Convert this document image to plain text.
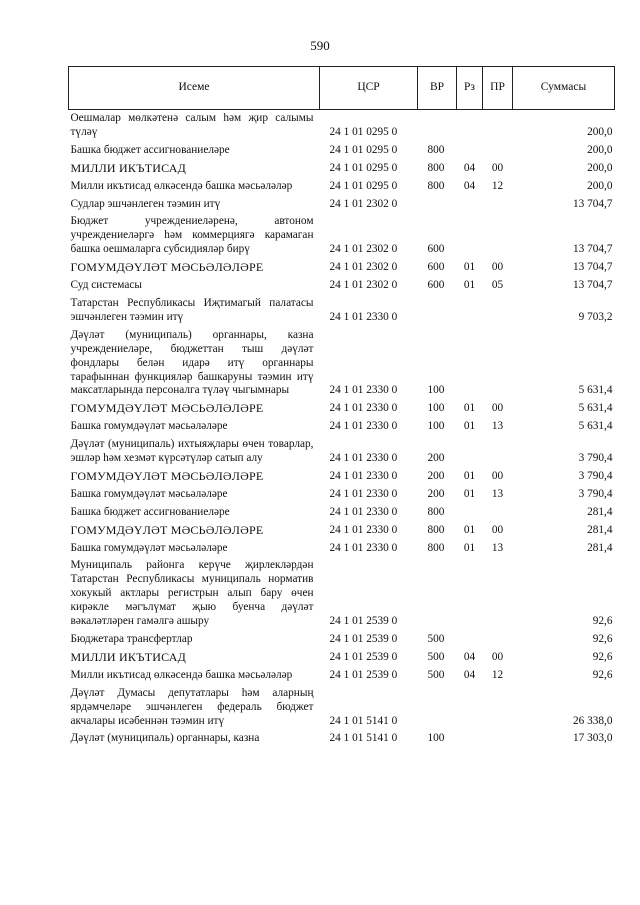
590
Исеме	ЦСР	ВР	Рз	ПР	Суммасы
Оешмалар мөлкәтенә салым һәм җир салымы түләү	24 1 01 0295 0				200,0
Башка бюджет ассигнованиеләре	24 1 01 0295 0	800			200,0
МИЛЛИ ИКЪТИСАД	24 1 01 0295 0	800	04	00	200,0
Милли икътисад өлкәсендә башка мәсьәләләр	24 1 01 0295 0	800	04	12	200,0
Судлар эшчәнлеген тәэмин итү	24 1 01 2302 0				13 704,7
Бюджет учреждениеләренә, автоном учреждениеләргә һәм коммерциягә карамаган башка оешмаларга субсидияләр бирү	24 1 01 2302 0	600			13 704,7
ГОМУМДӘҮЛӘТ МӘСЬӘЛӘЛӘРЕ	24 1 01 2302 0	600	01	00	13 704,7
Суд системасы	24 1 01 2302 0	600	01	05	13 704,7
Татарстан Республикасы Иҗтимагый палатасы эшчәнлеген тәэмин итү	24 1 01 2330 0				9 703,2
Дәүләт (муниципаль) органнары, казна учреждениеләре, бюджеттан тыш дәүләт фондлары белән идарә итү органнары тарафыннан функцияләр башкаруны тәэмин итү максатларында персоналга түләү чыгымнары	24 1 01 2330 0	100			5 631,4
ГОМУМДӘҮЛӘТ МӘСЬӘЛӘЛӘРЕ	24 1 01 2330 0	100	01	00	5 631,4
Башка гомумдәүләт мәсьәләләре	24 1 01 2330 0	100	01	13	5 631,4
Дәүләт (муниципаль) ихтыяҗлары өчен товарлар, эшләр һәм хезмәт күрсәтүләр сатып алу	24 1 01 2330 0	200			3 790,4
ГОМУМДӘҮЛӘТ МӘСЬӘЛӘЛӘРЕ	24 1 01 2330 0	200	01	00	3 790,4
Башка гомумдәүләт мәсьәләләре	24 1 01 2330 0	200	01	13	3 790,4
Башка бюджет ассигнованиеләре	24 1 01 2330 0	800			281,4
ГОМУМДӘҮЛӘТ МӘСЬӘЛӘЛӘРЕ	24 1 01 2330 0	800	01	00	281,4
Башка гомумдәүләт мәсьәләләре	24 1 01 2330 0	800	01	13	281,4
Муниципаль районга керүче җирлекләрдән Татарстан Республикасы муниципаль норматив хокукый актлары регистрын алып бару өчен кирәкле мәгълүмат җыю буенча дәүләт вәкаләтләрен гамәлгә ашыру	24 1 01 2539 0				92,6
Бюджетара трансфертлар	24 1 01 2539 0	500			92,6
МИЛЛИ ИКЪТИСАД	24 1 01 2539 0	500	04	00	92,6
Милли икътисад өлкәсендә башка мәсьәләләр	24 1 01 2539 0	500	04	12	92,6
Дәүләт Думасы депутатлары һәм аларның ярдәмчеләре эшчәнлеген федераль бюджет акчалары исәбеннән тәэмин итү	24 1 01 5141 0				26 338,0
Дәүләт (муниципаль) органнары, казна	24 1 01 5141 0	100			17 303,0
